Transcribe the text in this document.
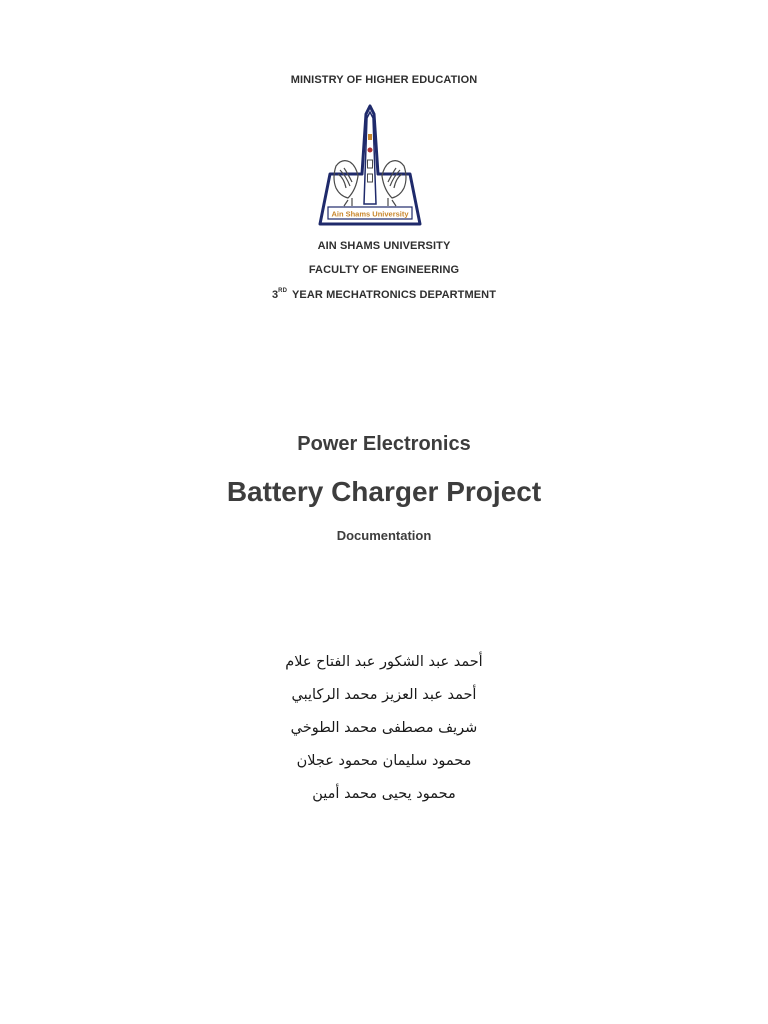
MINISTRY OF HIGHER EDUCATION
Ain Shams University
AIN SHAMS UNIVERSITY
FACULTY OF ENGINEERING
3RD YEAR MECHATRONICS DEPARTMENT
Power Electronics
Battery Charger Project
Documentation
أحمد عبد الشكور عبد الفتاح علام
أحمد عبد العزيز محمد الركايبي
شريف مصطفى محمد الطوخي
محمود سليمان محمود عجلان
محمود يحيى محمد أمين
